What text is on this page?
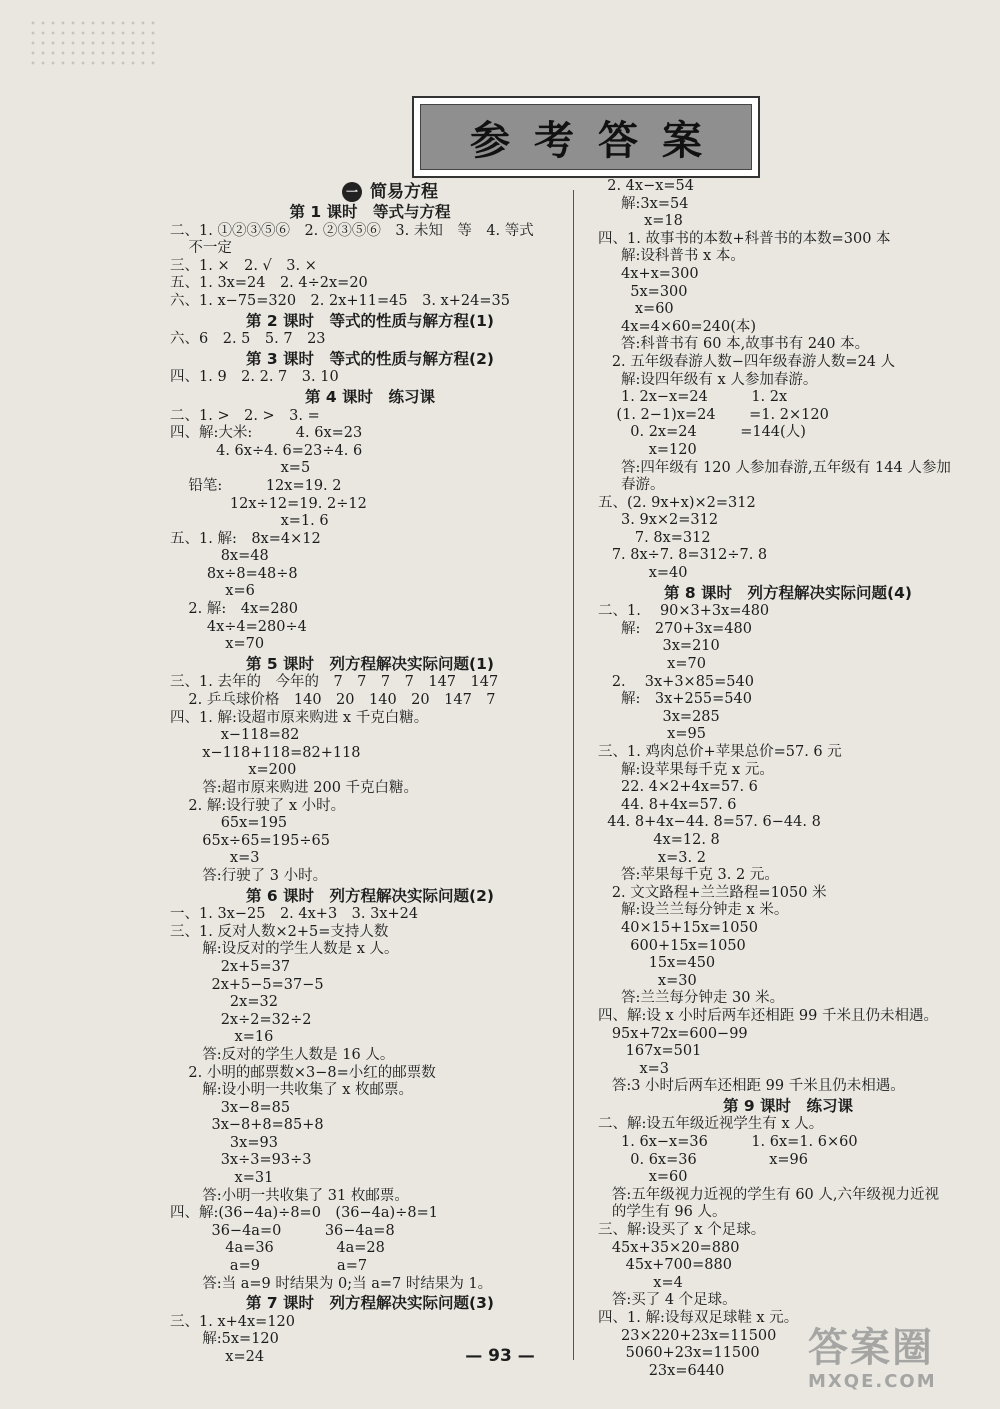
参考答案
一 简易方程
第 1 课时　等式与方程
二、1. ①②③⑤⑥　2. ②③⑤⑥　3. 未知　等　4. 等式
不一定
三、1. ×　2. √　3. ×
五、1. 3x=24　2. 4÷2x=20
六、1. x−75=320　2. 2x+11=45　3. x+24=35
第 2 课时　等式的性质与解方程(1)
六、6　2. 5　5. 7　23
第 3 课时　等式的性质与解方程(2)
四、1. 9　2. 2. 7　3. 10
第 4 课时　练习课
二、1. >　2. >　3. =
四、解:大米:　　　4. 6x=23
4. 6x÷4. 6=23÷4. 6
x=5
铅笔:　　　12x=19. 2
12x÷12=19. 2÷12
x=1. 6
五、1. 解:　8x=4×12
8x=48
8x÷8=48÷8
x=6
2. 解:　4x=280
4x÷4=280÷4
x=70
第 5 课时　列方程解决实际问题(1)
三、1. 去年的　今年的　7　7　7　7　147　147
2. 乒乓球价格　140　20　140　20　147　7
四、1. 解:设超市原来购进 x 千克白糖。
x−118=82
x−118+118=82+118
x=200
答:超市原来购进 200 千克白糖。
2. 解:设行驶了 x 小时。
65x=195
65x÷65=195÷65
x=3
答:行驶了 3 小时。
第 6 课时　列方程解决实际问题(2)
一、1. 3x−25　2. 4x+3　3. 3x+24
三、1. 反对人数×2+5=支持人数
解:设反对的学生人数是 x 人。
2x+5=37
2x+5−5=37−5
2x=32
2x÷2=32÷2
x=16
答:反对的学生人数是 16 人。
2. 小明的邮票数×3−8=小红的邮票数
解:设小明一共收集了 x 枚邮票。
3x−8=85
3x−8+8=85+8
3x=93
3x÷3=93÷3
x=31
答:小明一共收集了 31 枚邮票。
四、解:(36−4a)÷8=0　(36−4a)÷8=1
36−4a=0　　　36−4a=8
4a=36　　　　 4a=28
a=9　　　　　 a=7
答:当 a=9 时结果为 0;当 a=7 时结果为 1。
第 7 课时　列方程解决实际问题(3)
三、1. x+4x=120
解:5x=120
x=24
2. 4x−x=54
解:3x=54
x=18
四、1. 故事书的本数+科普书的本数=300 本
解:设科普书 x 本。
4x+x=300
5x=300
x=60
4x=4×60=240(本)
答:科普书有 60 本,故事书有 240 本。
2. 五年级春游人数−四年级春游人数=24 人
解:设四年级有 x 人参加春游。
1. 2x−x=24　　　1. 2x
(1. 2−1)x=24　　 =1. 2×120
0. 2x=24　　　=144(人)
x=120
答:四年级有 120 人参加春游,五年级有 144 人参加
春游。
五、(2. 9x+x)×2=312
3. 9x×2=312
7. 8x=312
7. 8x÷7. 8=312÷7. 8
x=40
第 8 课时　列方程解决实际问题(4)
二、1.　 90×3+3x=480
解:　270+3x=480
3x=210
x=70
2.　 3x+3×85=540
解:　3x+255=540
3x=285
x=95
三、1. 鸡肉总价+苹果总价=57. 6 元
解:设苹果每千克 x 元。
22. 4×2+4x=57. 6
44. 8+4x=57. 6
44. 8+4x−44. 8=57. 6−44. 8
4x=12. 8
x=3. 2
答:苹果每千克 3. 2 元。
2. 文文路程+兰兰路程=1050 米
解:设兰兰每分钟走 x 米。
40×15+15x=1050
600+15x=1050
15x=450
x=30
答:兰兰每分钟走 30 米。
四、解:设 x 小时后两车还相距 99 千米且仍未相遇。
95x+72x=600−99
167x=501
x=3
答:3 小时后两车还相距 99 千米且仍未相遇。
第 9 课时　练习课
二、解:设五年级近视学生有 x 人。
1. 6x−x=36　　　1. 6x=1. 6×60
0. 6x=36　　　　　x=96
x=60
答:五年级视力近视的学生有 60 人,六年级视力近视
的学生有 96 人。
三、解:设买了 x 个足球。
45x+35×20=880
45x+700=880
x=4
答:买了 4 个足球。
四、1. 解:设每双足球鞋 x 元。
23×220+23x=11500
5060+23x=11500
23x=6440
— 93 —	答案圈
MXQE.COM
